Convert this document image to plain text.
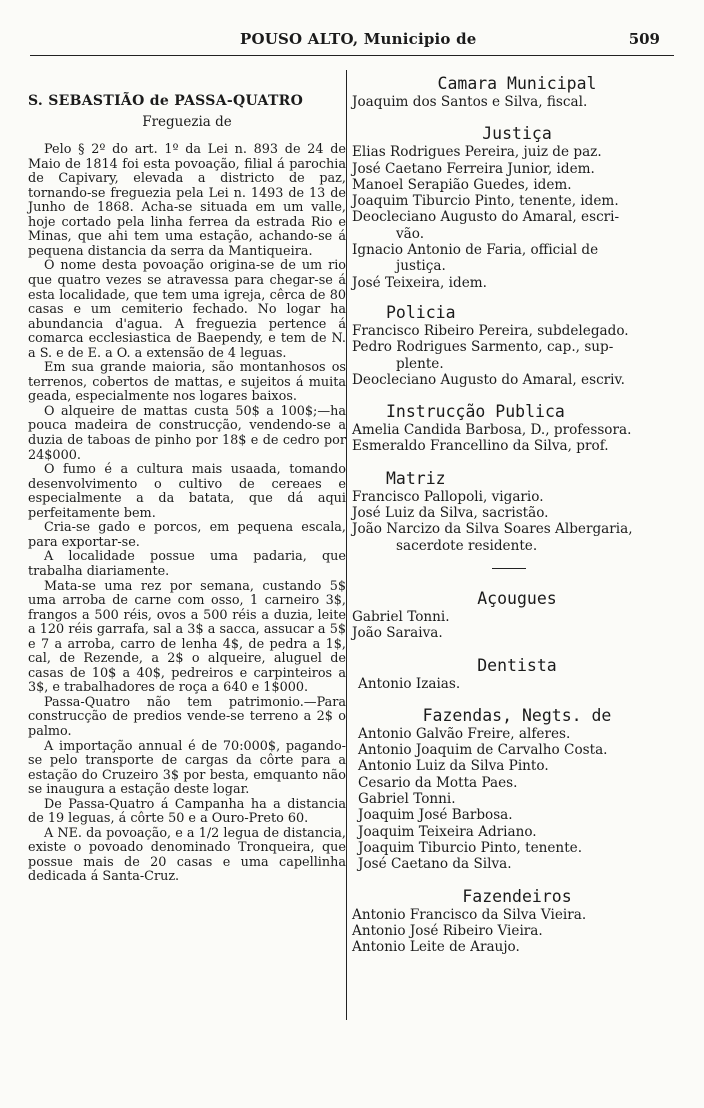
POUSO ALTO, Municipio de	509
S. SEBASTIÃO de PASSA-QUATRO
Freguezia de

Pelo § 2º do art. 1º da Lei n. 893 de 24 de Maio de 1814 foi esta povoação, filial á parochia de Capivary, elevada a districto de paz, tornando-se freguezia pela Lei n. 1493 de 13 de Junho de 1868. Acha-se situada em um valle, hoje cortado pela linha ferrea da estrada Rio e Minas, que ahi tem uma estação, achando-se á pequena distancia da serra da Mantiqueira.

O nome desta povoação origina-se de um rio que quatro vezes se atravessa para chegar-se á esta localidade, que tem uma igreja, cêrca de 80 casas e um cemiterio fechado. No logar ha abundancia d'agua. A freguezia pertence á comarca ecclesiastica de Baependy, e tem de N. a S. e de E. a O. a extensão de 4 leguas.

Em sua grande maioria, são montanhosos os terrenos, cobertos de mattas, e sujeitos á muita geada, especialmente nos logares baixos.

O alqueire de mattas custa 50$ a 100$;—ha pouca madeira de construcção, vendendo-se a duzia de taboas de pinho por 18$ e de cedro por 24$000.

O fumo é a cultura mais usaada, tomando desenvolvimento o cultivo de cereaes e especialmente a da batata, que dá aqui perfeitamente bem.

Cria-se gado e porcos, em pequena escala, para exportar-se.

A localidade possue uma padaria, que trabalha diariamente.

Mata-se uma rez por semana, custando 5$ uma arroba de carne com osso, 1 carneiro 3$, frangos a 500 réis, ovos a 500 réis a duzia, leite a 120 réis garrafa, sal a 3$ a sacca, assucar a 5$ e 7 a arroba, carro de lenha 4$, de pedra a 1$, cal, de Rezende, a 2$ o alqueire, aluguel de casas de 10$ a 40$, pedreiros e carpinteiros a 3$, e trabalhadores de roça a 640 e 1$000.

Passa-Quatro não tem patrimonio.—Para construcção de predios vende-se terreno a 2$ o palmo.

A importação annual é de 70:000$, pagando-se pelo transporte de cargas da côrte para a estação do Cruzeiro 3$ por besta, emquanto não se inaugura a estação deste logar.

De Passa-Quatro á Campanha ha a distancia de 19 leguas, á côrte 50 e a Ouro-Preto 60.

A NE. da povoação, e a 1/2 legua de distancia, existe o povoado denominado Tronqueira, que possue mais de 20 casas e uma capellinha dedicada á Santa-Cruz.

Camara Municipal

Joaquim dos Santos e Silva, fiscal.

Justiça

Elias Rodrigues Pereira, juiz de paz.

José Caetano Ferreira Junior, idem.

Manoel Serapião Guedes, idem.

Joaquim Tiburcio Pinto, tenente, idem.

Deocleciano Augusto do Amaral, escri-

vão.

Ignacio Antonio de Faria, official de

justiça.

José Teixeira, idem.

Policia

Francisco Ribeiro Pereira, subdelegado.

Pedro Rodrigues Sarmento, cap., sup-

plente.

Deocleciano Augusto do Amaral, escriv.

Instrucção Publica

Amelia Candida Barbosa, D., professora.

Esmeraldo Francellino da Silva, prof.

Matriz

Francisco Pallopoli, vigario.

José Luiz da Silva, sacristão.

João Narcizo da Silva Soares Albergaria,

sacerdote residente.

Açougues

Gabriel Tonni.

João Saraiva.

Dentista

Antonio Izaias.

Fazendas, Negts. de

Antonio Galvão Freire, alferes.

Antonio Joaquim de Carvalho Costa.

Antonio Luiz da Silva Pinto.

Cesario da Motta Paes.

Gabriel Tonni.

Joaquim José Barbosa.

Joaquim Teixeira Adriano.

Joaquim Tiburcio Pinto, tenente.

José Caetano da Silva.

Fazendeiros

Antonio Francisco da Silva Vieira.

Antonio José Ribeiro Vieira.

Antonio Leite de Araujo.
